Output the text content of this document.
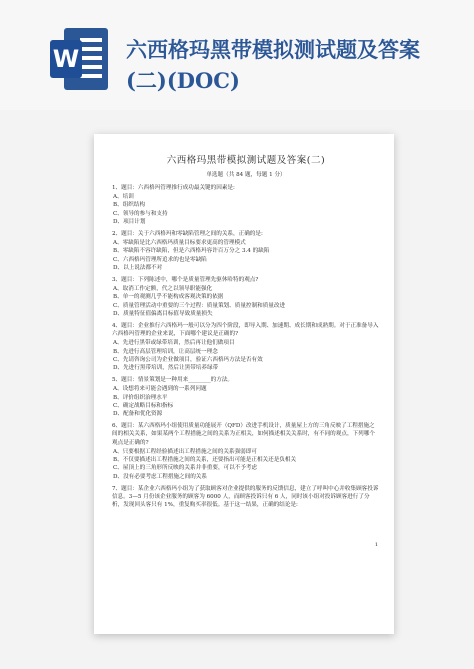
W 六西格玛黑带模拟测试题及答案(二)(DOC)
六西格玛黑带模拟测试题及答案(二)
单选题（共 84 题，每题 1 分）
1、题目：六西格玛管理推行成功最关键的因素是:
A、培训
B、组织结构
C、领导的参与和支持
D、项目计划
2、题目：关于六西格玛和零缺陷管理之间的关系，正确的是:
A、零缺陷是比六西格玛质量目标要求更高的管理模式
B、零缺陷不容许缺陷，但是六西格玛容许百万分之 3.4 的缺陷
C、六西格玛管理所追求的也是零缺陷
D、以上说法都不对
3、题目：下列陈述中，哪个是质量管理先驱休哈特的观点?
A、取消工作定额，代之以领导职能强化
B、单一的观测几乎不能构成客观决策的依据
C、质量管理活动中重要的三个过程：质量策划、质量控制和质量改进
D、质量特征值偏离目标值导致质量损失
4、题目：企业推行六西格玛一般可以分为四个阶段，即导入期、加速期、成长期和成熟期。对于正准备导入六西格玛管理的企业来说，下面哪个建议是正确的?
A、先进行黑带或绿带培训，然后再让他们做项目
B、先进行高层管理培训，让高层统一理念
C、先请咨询公司为企业做项目，验证六西格玛方法是否有效
D、先进行黑带培训，然后让黑带培养绿带
5、题目：情景策划是一种用来________的方法。
A、设想将来可能会遇到的一系列问题
B、评价组织治理水平
C、确定战略目标和指标
D、配备和优化资源
6、题目：某六西格玛小组使用质量功能展开（QFD）改进手机设计，质量屋上方的三角反映了工程措施之间的相关关系，如果某两个工程措施之间的关系为正相关，如何描述相关关系时，有不同的观点，下列哪个观点是正确的?
A、只要根据工程经验描述出工程措施之间的关系强弱即可
B、不仅要描述出工程措施之间的关系，还要指出可能是正相关还是负相关
C、屋顶上的三角形所反映的关系并非重要，可以不予考虑
D、没有必要考虑工程措施之间的关系
7、题目：某企业六西格玛小组为了获取顾客对企业提供的服务的反馈信息，建立了呼叫中心并收集顾客投诉信息。3—5 月份该企业服务的顾客为 6000 人，而顾客投诉只有 6 人，同时该小组对投诉顾客进行了分析，发现回头客只有 1%，重复购买率很低。基于这一结果，正确的结论是:
1
